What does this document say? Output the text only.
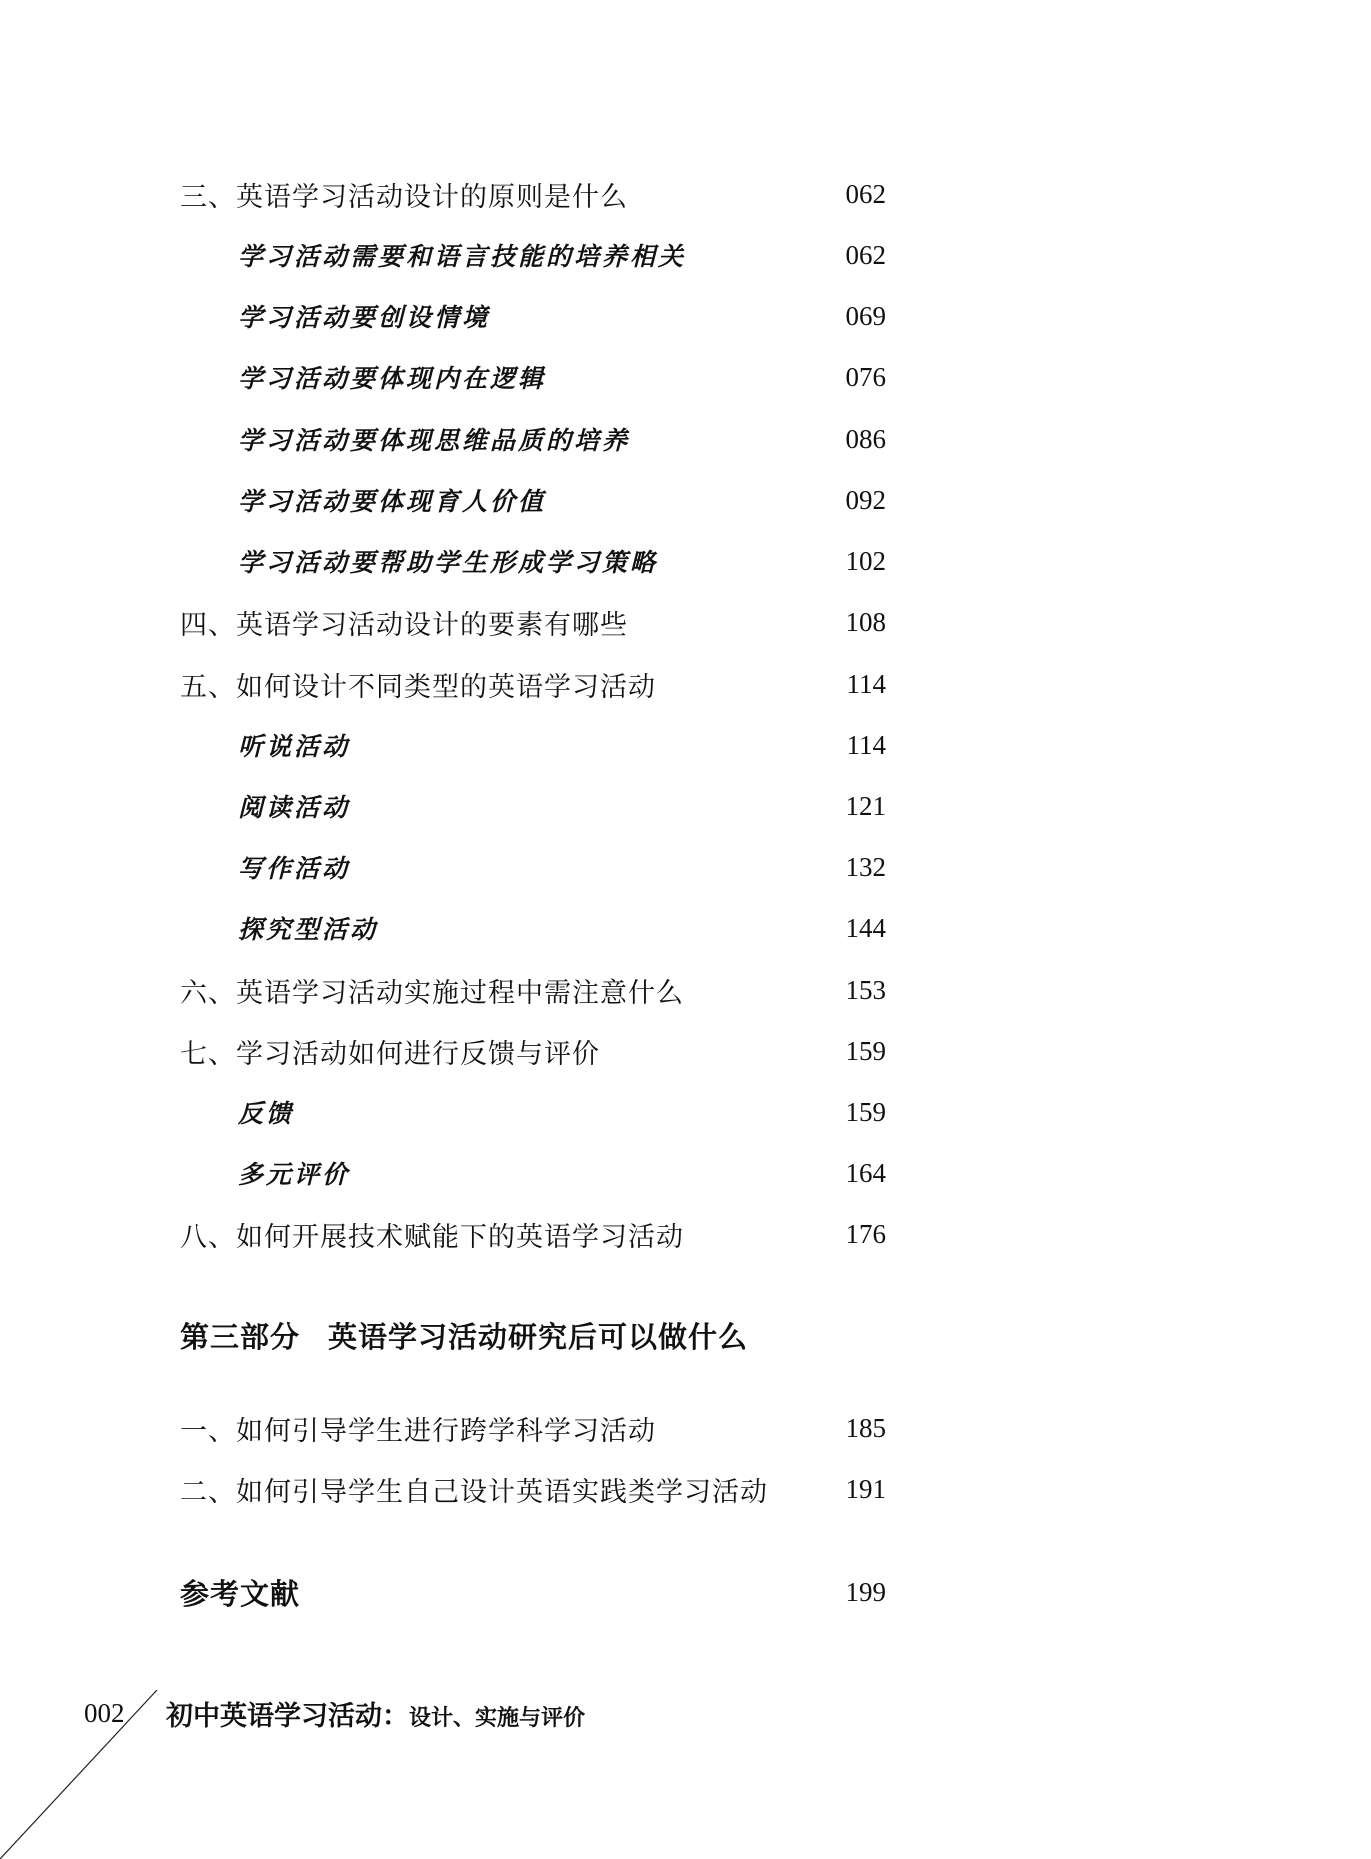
三、英语学习活动设计的原则是什么	062
学习活动需要和语言技能的培养相关	062
学习活动要创设情境	069
学习活动要体现内在逻辑	076
学习活动要体现思维品质的培养	086
学习活动要体现育人价值	092
学习活动要帮助学生形成学习策略	102
四、英语学习活动设计的要素有哪些	108
五、如何设计不同类型的英语学习活动	114
听说活动	114
阅读活动	121
写作活动	132
探究型活动	144
六、英语学习活动实施过程中需注意什么	153
七、学习活动如何进行反馈与评价	159
反馈	159
多元评价	164
八、如何开展技术赋能下的英语学习活动	176
第三部分 英语学习活动研究后可以做什么
一、如何引导学生进行跨学科学习活动	185
二、如何引导学生自己设计英语实践类学习活动	191
参考文献	199
002 初中英语学习活动：设计、实施与评价
